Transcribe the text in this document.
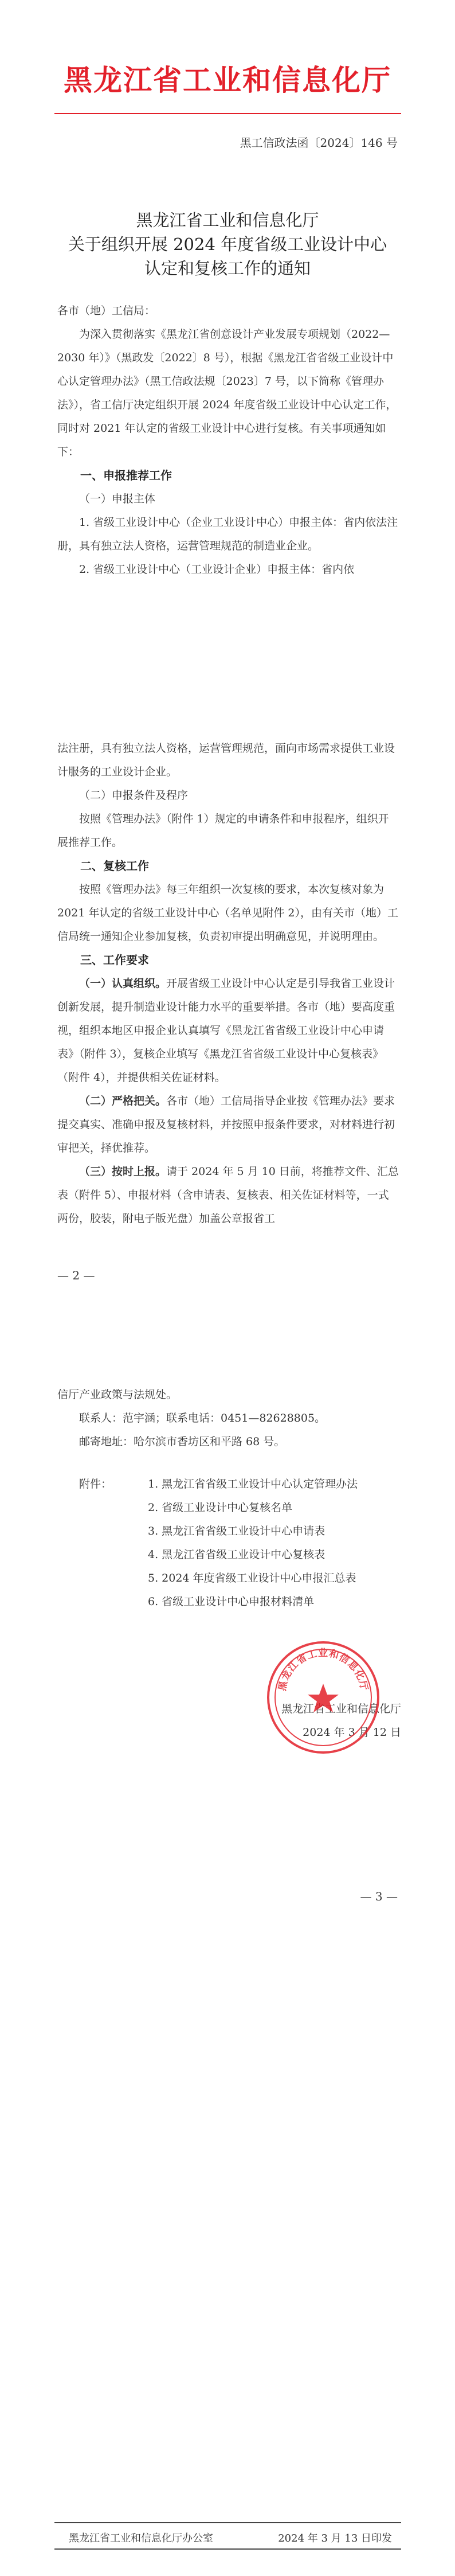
黑龙江省工业和信息化厅
黑工信政法函〔2024〕146 号
黑龙江省工业和信息化厅
关于组织开展 2024 年度省级工业设计中心
认定和复核工作的通知

各市（地）工信局：

为深入贯彻落实《黑龙江省创意设计产业发展专项规划（2022—2030 年）》（黑政发〔2022〕8 号），根据《黑龙江省省级工业设计中心认定管理办法》（黑工信政法规〔2023〕7 号，以下简称《管理办法》），省工信厅决定组织开展 2024 年度省级工业设计中心认定工作，同时对 2021 年认定的省级工业设计中心进行复核。有关事项通知如下：

一、申报推荐工作

（一）申报主体

1. 省级工业设计中心（企业工业设计中心）申报主体：省内依法注册，具有独立法人资格，运营管理规范的制造业企业。

2. 省级工业设计中心（工业设计企业）申报主体：省内依

法注册，具有独立法人资格，运营管理规范，面向市场需求提供工业设计服务的工业设计企业。

（二）申报条件及程序

按照《管理办法》（附件 1）规定的申请条件和申报程序，组织开展推荐工作。

二、复核工作

按照《管理办法》每三年组织一次复核的要求，本次复核对象为 2021 年认定的省级工业设计中心（名单见附件 2），由有关市（地）工信局统一通知企业参加复核，负责初审提出明确意见，并说明理由。

三、工作要求

（一）认真组织。开展省级工业设计中心认定是引导我省工业设计创新发展，提升制造业设计能力水平的重要举措。各市（地）要高度重视，组织本地区申报企业认真填写《黑龙江省省级工业设计中心申请表》（附件 3），复核企业填写《黑龙江省省级工业设计中心复核表》（附件 4），并提供相关佐证材料。

（二）严格把关。各市（地）工信局指导企业按《管理办法》要求提交真实、准确申报及复核材料，并按照申报条件要求，对材料进行初审把关，择优推荐。

（三）按时上报。请于 2024 年 5 月 10 日前，将推荐文件、汇总表（附件 5）、申报材料（含申请表、复核表、相关佐证材料等，一式两份，胶装，附电子版光盘）加盖公章报省工

— 2 —

信厅产业政策与法规处。

联系人：范宇涵；联系电话：0451—82628805。

邮寄地址：哈尔滨市香坊区和平路 68 号。

附件：	1. 黑龙江省省级工业设计中心认定管理办法
2. 省级工业设计中心复核名单
3. 黑龙江省省级工业设计中心申请表
4. 黑龙江省省级工业设计中心复核表
5. 2024 年度省级工业设计中心申报汇总表
6. 省级工业设计中心申报材料清单
黑龙江省工业和信息化厅
2024 年 3 月 12 日
黑龙江省工业和信息化厅
— 3 —
黑龙江省工业和信息化厅办公室	2024 年 3 月 13 日印发
